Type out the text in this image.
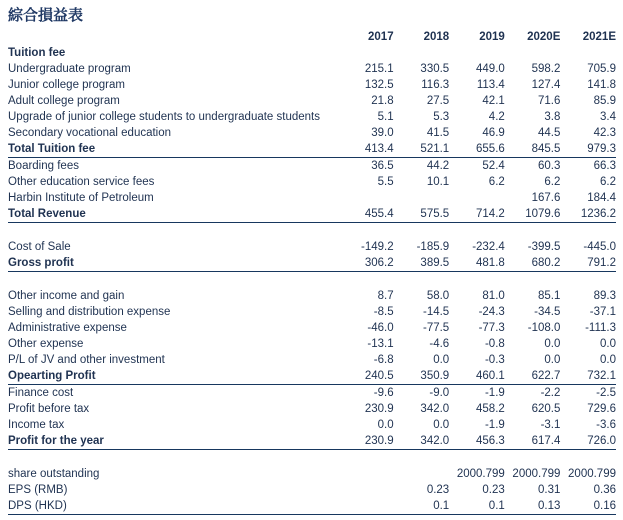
綜合損益表
	2017	2018	2019	2020E	2021E
Tuition fee					
Undergraduate program	215.1	330.5	449.0	598.2	705.9
Junior college program	132.5	116.3	113.4	127.4	141.8
Adult college program	21.8	27.5	42.1	71.6	85.9
Upgrade of junior college students to undergraduate students	5.1	5.3	4.2	3.8	3.4
Secondary vocational education	39.0	41.5	46.9	44.5	42.3
Total Tuition fee	413.4	521.1	655.6	845.5	979.3
Boarding fees	36.5	44.2	52.4	60.3	66.3
Other education service fees	5.5	10.1	6.2	6.2	6.2
Harbin Institute of Petroleum				167.6	184.4
Total Revenue	455.4	575.5	714.2	1079.6	1236.2

Cost of Sale	-149.2	-185.9	-232.4	-399.5	-445.0
Gross profit	306.2	389.5	481.8	680.2	791.2

Other income and gain	8.7	58.0	81.0	85.1	89.3
Selling and distribution expense	-8.5	-14.5	-24.3	-34.5	-37.1
Administrative expense	-46.0	-77.5	-77.3	-108.0	-111.3
Other expense	-13.1	-4.6	-0.8	0.0	0.0
P/L of JV and other investment	-6.8	0.0	-0.3	0.0	0.0
Opearting Profit	240.5	350.9	460.1	622.7	732.1
Finance cost	-9.6	-9.0	-1.9	-2.2	-2.5
Profit before tax	230.9	342.0	458.2	620.5	729.6
Income tax	0.0	0.0	-1.9	-3.1	-3.6
Profit for the year	230.9	342.0	456.3	617.4	726.0

share outstanding			2000.799	2000.799	2000.799
EPS (RMB)		0.23	0.23	0.31	0.36
DPS (HKD)		0.1	0.1	0.13	0.16
